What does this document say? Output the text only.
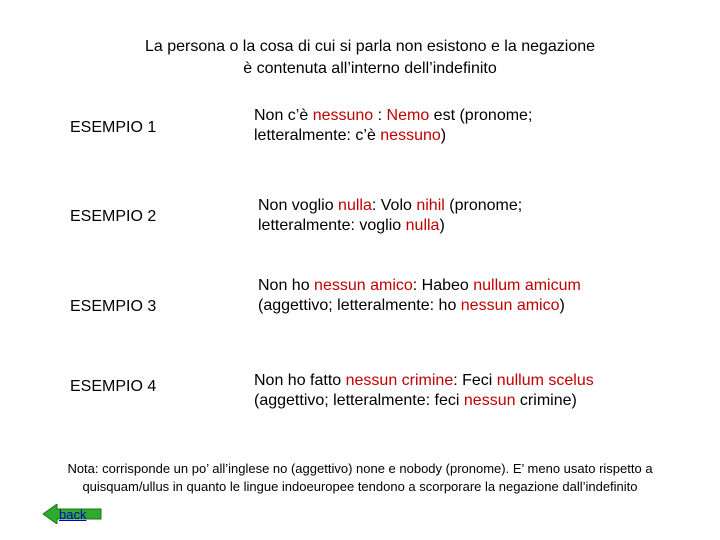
La persona o la cosa di cui si parla non esistono e la negazione
è contenuta all’interno dell’indefinito
ESEMPIO 1
Non c’è nessuno : Nemo est (pronome;
letteralmente: c’è nessuno)
ESEMPIO 2
Non voglio nulla: Volo nihil (pronome;
letteralmente: voglio nulla)
ESEMPIO 3
Non ho nessun amico: Habeo nullum amicum
(aggettivo; letteralmente: ho nessun amico)
ESEMPIO 4	Non ho fatto nessun crimine: Feci nullum scelus
(aggettivo; letteralmente: feci nessun crimine)
Nota: corrisponde un po’ all’inglese no (aggettivo) none e nobody (pronome). E’ meno usato rispetto a
quisquam/ullus in quanto le lingue indoeuropee tendono a scorporare la negazione dall’indefinito
back
